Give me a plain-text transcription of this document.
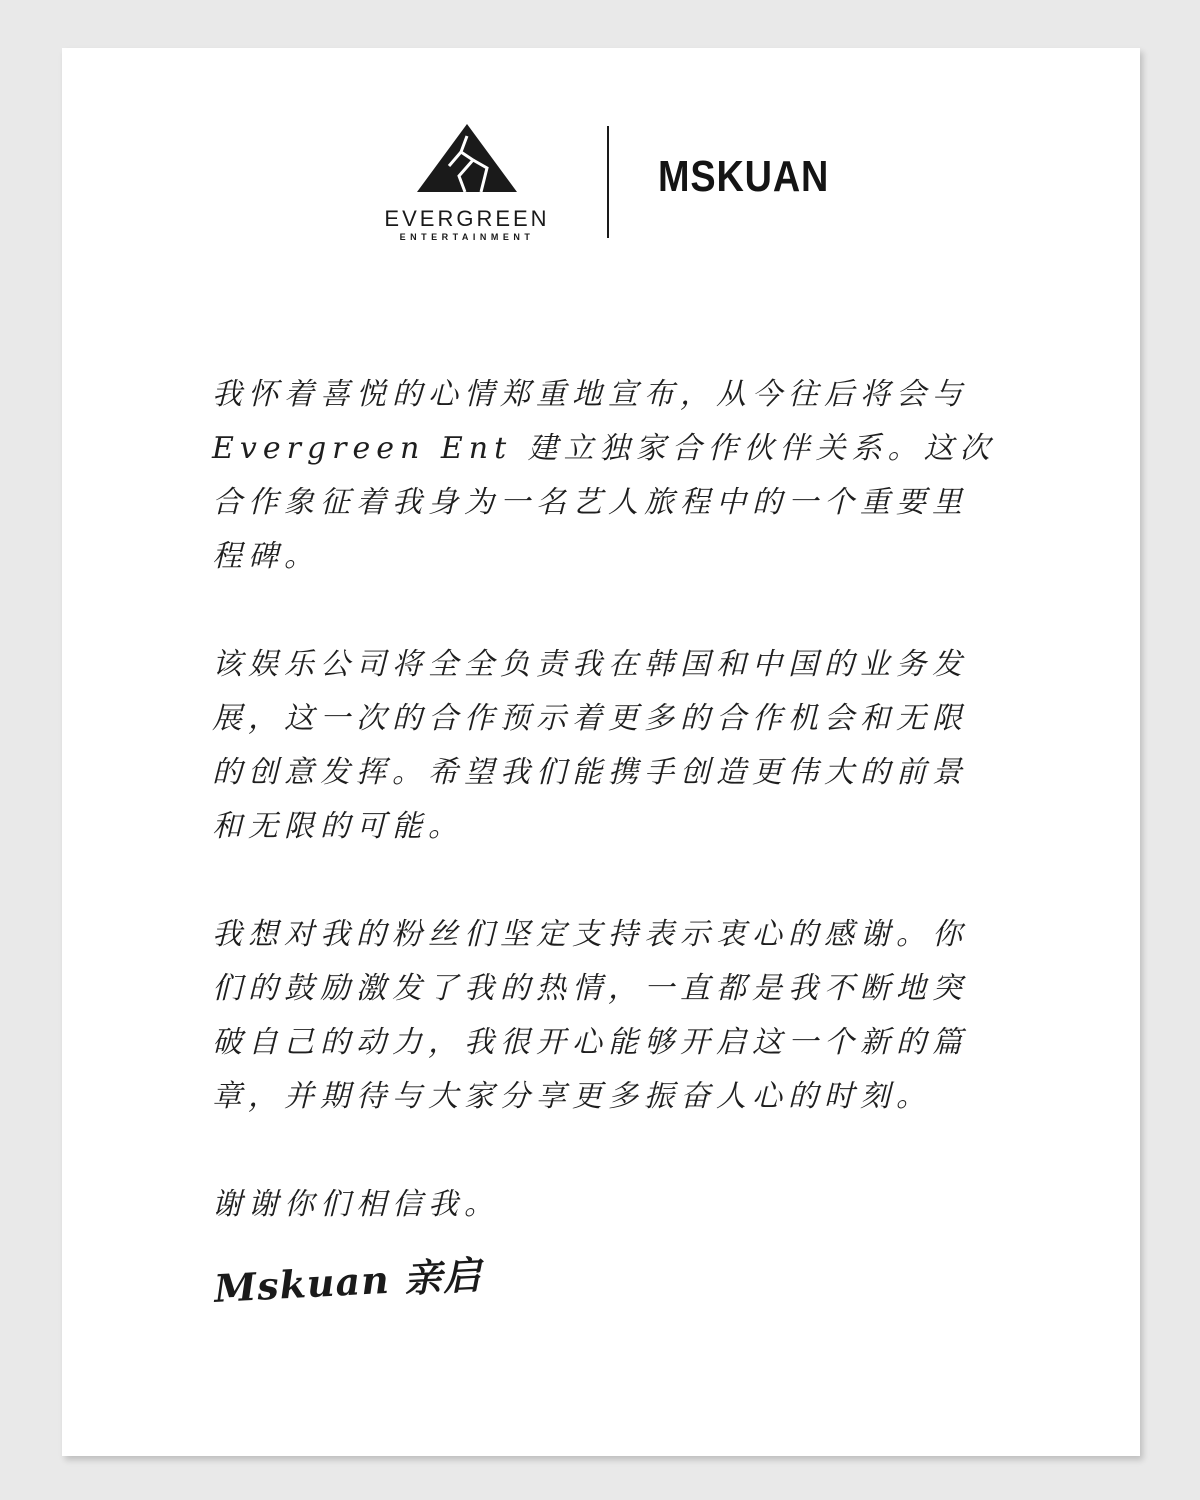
EVERGREEN
ENTERTAINMENT
MSKUAN

我怀着喜悦的心情郑重地宣布，从今往后将会与 Evergreen Ent 建立独家合作伙伴关系。这次合作象征着我身为一名艺人旅程中的一个重要里程碑。

该娱乐公司将全全负责我在韩国和中国的业务发展，这一次的合作预示着更多的合作机会和无限的创意发挥。希望我们能携手创造更伟大的前景和无限的可能。

我想对我的粉丝们坚定支持表示衷心的感谢。你们的鼓励激发了我的热情，一直都是我不断地突破自己的动力，我很开心能够开启这一个新的篇章，并期待与大家分享更多振奋人心的时刻。

谢谢你们相信我。

Mskuan 亲启
